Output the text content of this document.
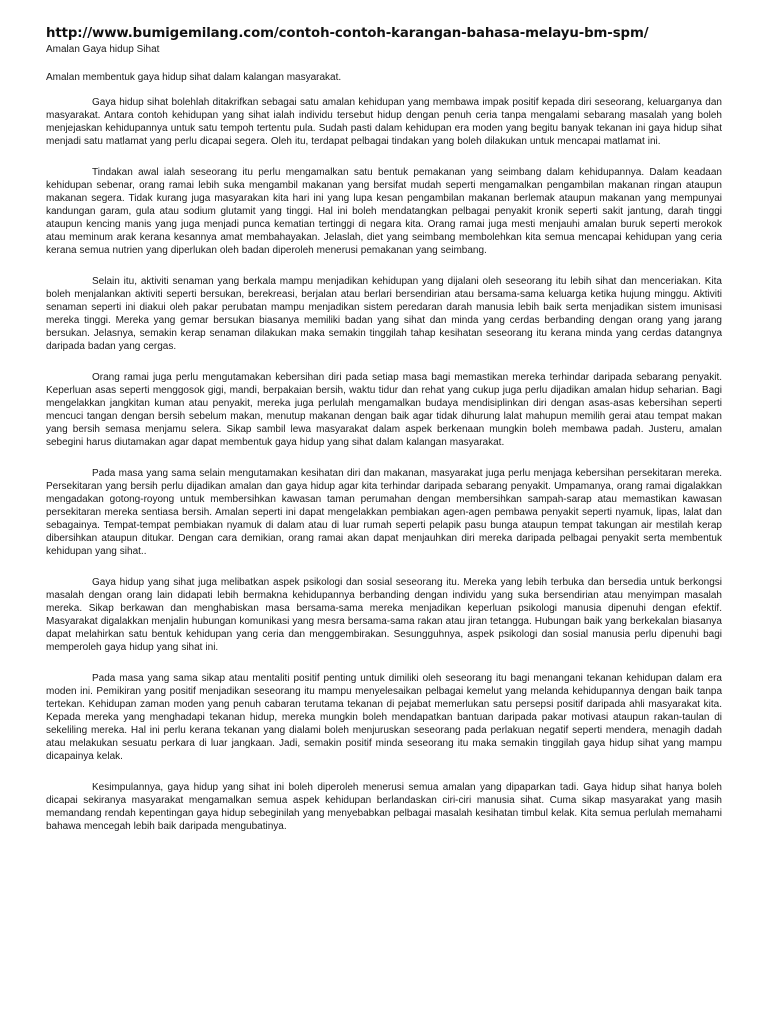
http://www.bumigemilang.com/contoh-contoh-karangan-bahasa-melayu-bm-spm/

Amalan Gaya hidup Sihat

Amalan membentuk gaya hidup sihat dalam kalangan masyarakat.

Gaya hidup sihat bolehlah ditakrifkan sebagai satu amalan kehidupan yang membawa impak positif kepada diri seseorang, keluarganya dan masyarakat. Antara contoh kehidupan yang sihat ialah individu tersebut hidup dengan penuh ceria tanpa mengalami sebarang masalah yang boleh menjejaskan kehidupannya untuk satu tempoh tertentu pula. Sudah pasti dalam kehidupan era moden yang begitu banyak tekanan ini gaya hidup sihat menjadi satu matlamat yang perlu dicapai segera. Oleh itu, terdapat pelbagai tindakan yang boleh dilakukan untuk mencapai matlamat ini.

Tindakan awal ialah seseorang itu perlu mengamalkan satu bentuk pemakanan yang seimbang dalam kehidupannya. Dalam keadaan kehidupan sebenar, orang ramai lebih suka mengambil makanan yang bersifat mudah seperti mengamalkan pengambilan makanan ringan ataupun makanan segera. Tidak kurang juga masyarakan kita hari ini yang lupa kesan pengambilan makanan berlemak ataupun makanan yang mempunyai kandungan garam, gula atau sodium glutamit yang tinggi. Hal ini boleh mendatangkan pelbagai penyakit kronik seperti sakit jantung, darah tinggi ataupun kencing manis yang juga menjadi punca kematian tertinggi di negara kita. Orang ramai juga mesti menjauhi amalan buruk seperti merokok atau meminum arak kerana kesannya amat membahayakan. Jelaslah, diet yang seimbang membolehkan kita semua mencapai kehidupan yang ceria kerana semua nutrien yang diperlukan oleh badan diperoleh menerusi pemakanan yang seimbang.

Selain itu, aktiviti senaman yang berkala mampu menjadikan kehidupan yang dijalani oleh seseorang itu lebih sihat dan menceriakan. Kita boleh menjalankan aktiviti seperti bersukan, berekreasi, berjalan atau berlari bersendirian atau bersama-sama keluarga ketika hujung minggu. Aktiviti senaman seperti ini diakui oleh pakar perubatan mampu menjadikan sistem peredaran darah manusia lebih baik serta menjadikan sistem imunisasi mereka tinggi. Mereka yang gemar bersukan biasanya memiliki badan yang sihat dan minda yang cerdas berbanding dengan orang yang jarang bersukan. Jelasnya, semakin kerap senaman dilakukan maka semakin tinggilah tahap kesihatan seseorang itu kerana minda yang cerdas datangnya daripada badan yang cergas.

Orang ramai juga perlu mengutamakan kebersihan diri pada setiap masa bagi memastikan mereka terhindar daripada sebarang penyakit. Keperluan asas seperti menggosok gigi, mandi, berpakaian bersih, waktu tidur dan rehat yang cukup juga perlu dijadikan amalan hidup seharian. Bagi mengelakkan jangkitan kuman atau penyakit, mereka juga perlulah mengamalkan budaya mendisiplinkan diri dengan asas-asas kebersihan seperti mencuci tangan dengan bersih sebelum makan, menutup makanan dengan baik agar tidak dihurung lalat mahupun memilih gerai atau tempat makan yang bersih semasa menjamu selera. Sikap sambil lewa masyarakat dalam aspek berkenaan mungkin boleh membawa padah. Justeru, amalan sebegini harus diutamakan agar dapat membentuk gaya hidup yang sihat dalam kalangan masyarakat.

Pada masa yang sama selain mengutamakan kesihatan diri dan makanan, masyarakat juga perlu menjaga kebersihan persekitaran mereka. Persekitaran yang bersih perlu dijadikan amalan dan gaya hidup agar kita terhindar daripada sebarang penyakit. Umpamanya, orang ramai digalakkan mengadakan gotong-royong untuk membersihkan kawasan taman perumahan dengan membersihkan sampah-sarap atau memastikan kawasan persekitaran mereka sentiasa bersih. Amalan seperti ini dapat mengelakkan pembiakan agen-agen pembawa penyakit seperti nyamuk, lipas, lalat dan sebagainya. Tempat-tempat pembiakan nyamuk di dalam atau di luar rumah seperti pelapik pasu bunga ataupun tempat takungan air mestilah kerap dibersihkan ataupun ditukar. Dengan cara demikian, orang ramai akan dapat menjauhkan diri mereka daripada pelbagai penyakit serta membentuk kehidupan yang sihat..

Gaya hidup yang sihat juga melibatkan aspek psikologi dan sosial seseorang itu. Mereka yang lebih terbuka dan bersedia untuk berkongsi masalah dengan orang lain didapati lebih bermakna kehidupannya berbanding dengan individu yang suka bersendirian atau menyimpan masalah mereka. Sikap berkawan dan menghabiskan masa bersama-sama mereka menjadikan keperluan psikologi manusia dipenuhi dengan efektif. Masyarakat digalakkan menjalin hubungan komunikasi yang mesra bersama-sama rakan atau jiran tetangga. Hubungan baik yang berkekalan biasanya dapat melahirkan satu bentuk kehidupan yang ceria dan menggembirakan. Sesungguhnya, aspek psikologi dan sosial manusia perlu dipenuhi bagi memperoleh gaya hidup yang sihat ini.

Pada masa yang sama sikap atau mentaliti positif penting untuk dimiliki oleh seseorang itu bagi menangani tekanan kehidupan dalam era moden ini. Pemikiran yang positif menjadikan seseorang itu mampu menyelesaikan pelbagai kemelut yang melanda kehidupannya dengan baik tanpa tertekan. Kehidupan zaman moden yang penuh cabaran terutama tekanan di pejabat memerlukan satu persepsi positif daripada ahli masyarakat kita. Kepada mereka yang menghadapi tekanan hidup, mereka mungkin boleh mendapatkan bantuan daripada pakar motivasi ataupun rakan-taulan di sekeliling mereka. Hal ini perlu kerana tekanan yang dialami boleh menjuruskan seseorang pada perlakuan negatif seperti mendera, menagih dadah atau melakukan sesuatu perkara di luar jangkaan. Jadi, semakin positif minda seseorang itu maka semakin tinggilah gaya hidup sihat yang mampu dicapainya kelak.

Kesimpulannya, gaya hidup yang sihat ini boleh diperoleh menerusi semua amalan yang dipaparkan tadi. Gaya hidup sihat hanya boleh dicapai sekiranya masyarakat mengamalkan semua aspek kehidupan berlandaskan ciri-ciri manusia sihat. Cuma sikap masyarakat yang masih memandang rendah kepentingan gaya hidup sebeginilah yang menyebabkan pelbagai masalah kesihatan timbul kelak. Kita semua perlulah memahami bahawa mencegah lebih baik daripada mengubatinya.
